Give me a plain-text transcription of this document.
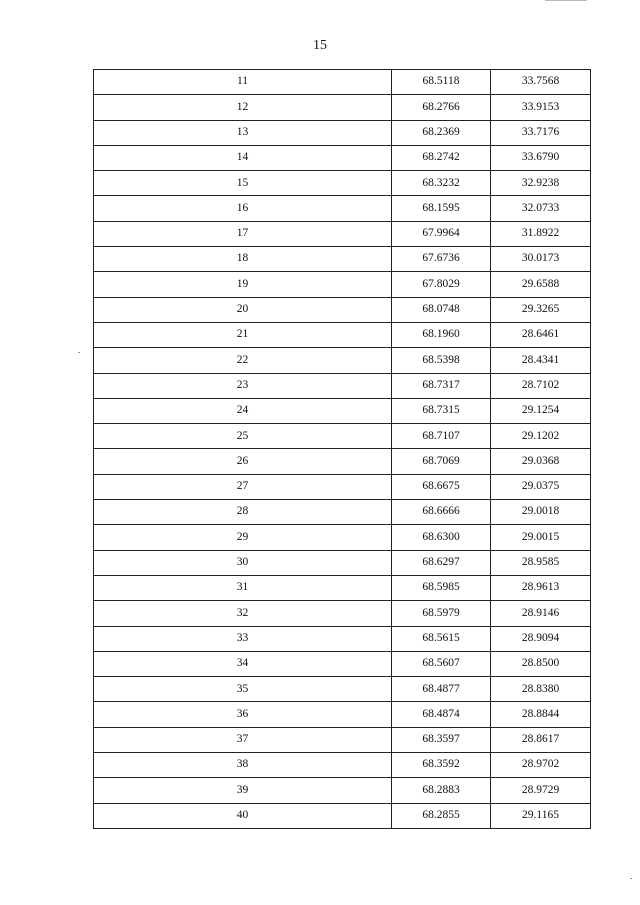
15
11	68.5118	33.7568
12	68.2766	33.9153
13	68.2369	33.7176
14	68.2742	33.6790
15	68.3232	32.9238
16	68.1595	32.0733
17	67.9964	31.8922
18	67.6736	30.0173
19	67.8029	29.6588
20	68.0748	29.3265
21	68.1960	28.6461
22	68.5398	28.4341
23	68.7317	28.7102
24	68.7315	29.1254
25	68.7107	29.1202
26	68.7069	29.0368
27	68.6675	29.0375
28	68.6666	29.0018
29	68.6300	29.0015
30	68.6297	28.9585
31	68.5985	28.9613
32	68.5979	28.9146
33	68.5615	28.9094
34	68.5607	28.8500
35	68.4877	28.8380
36	68.4874	28.8844
37	68.3597	28.8617
38	68.3592	28.9702
39	68.2883	28.9729
40	68.2855	29.1165
